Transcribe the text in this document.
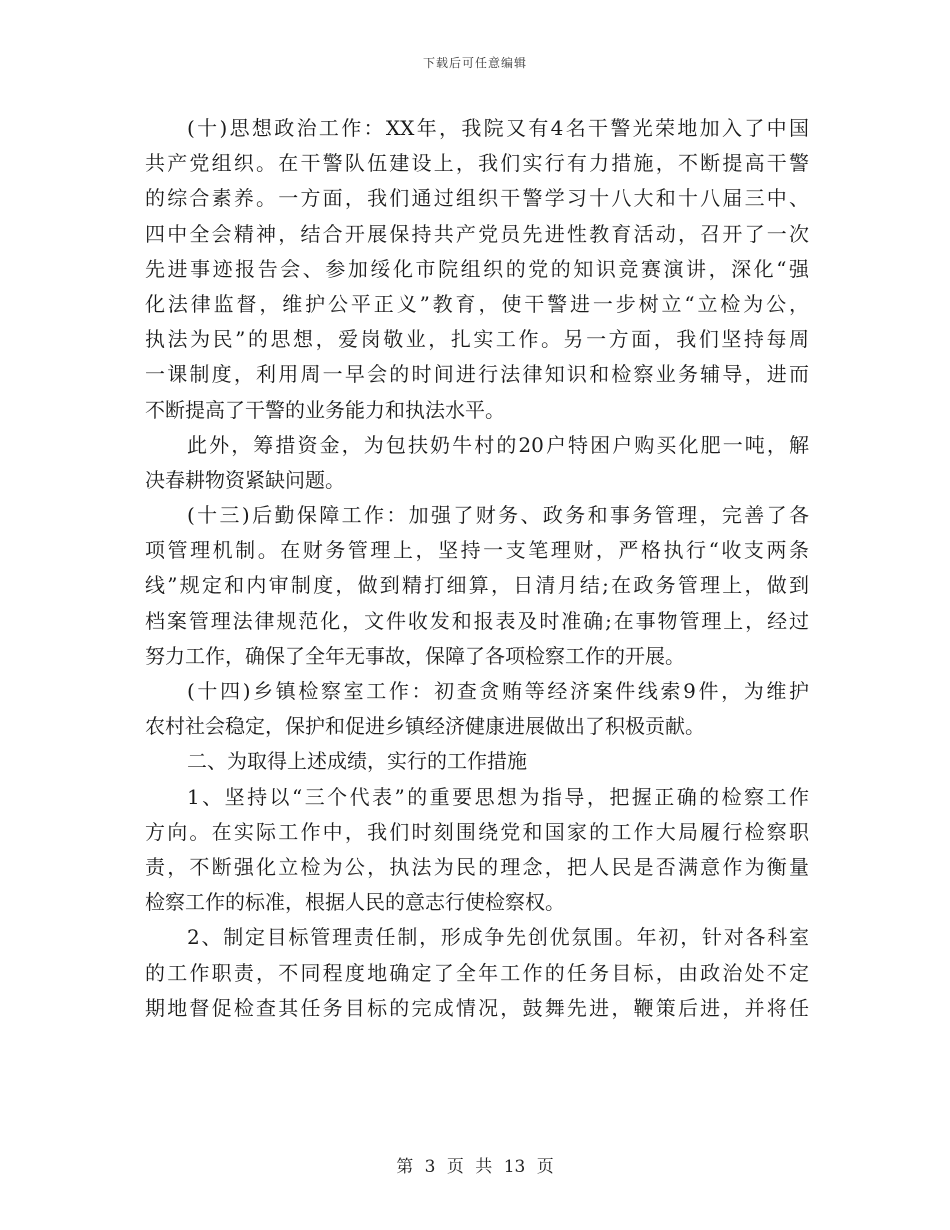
下载后可任意编辑
(十)思想政治工作：XX年，我院又有4名干警光荣地加入了中国
共产党组织。在干警队伍建设上，我们实行有力措施，不断提高干警
的综合素养。一方面，我们通过组织干警学习十八大和十八届三中、
四中全会精神，结合开展保持共产党员先进性教育活动，召开了一次
先进事迹报告会、参加绥化市院组织的党的知识竞赛演讲，深化“强
化法律监督，维护公平正义”教育，使干警进一步树立“立检为公，
执法为民”的思想，爱岗敬业，扎实工作。另一方面，我们坚持每周
一课制度，利用周一早会的时间进行法律知识和检察业务辅导，进而
不断提高了干警的业务能力和执法水平。
此外，筹措资金，为包扶奶牛村的20户特困户购买化肥一吨，解
决春耕物资紧缺问题。
(十三)后勤保障工作：加强了财务、政务和事务管理，完善了各
项管理机制。在财务管理上，坚持一支笔理财，严格执行“收支两条
线”规定和内审制度，做到精打细算，日清月结;在政务管理上，做到
档案管理法律规范化，文件收发和报表及时准确;在事物管理上，经过
努力工作，确保了全年无事故，保障了各项检察工作的开展。
(十四)乡镇检察室工作：初查贪贿等经济案件线索9件，为维护
农村社会稳定，保护和促进乡镇经济健康进展做出了积极贡献。
二、为取得上述成绩，实行的工作措施
1、坚持以“三个代表”的重要思想为指导，把握正确的检察工作
方向。在实际工作中，我们时刻围绕党和国家的工作大局履行检察职
责，不断强化立检为公，执法为民的理念，把人民是否满意作为衡量
检察工作的标准，根据人民的意志行使检察权。
2、制定目标管理责任制，形成争先创优氛围。年初，针对各科室
的工作职责，不同程度地确定了全年工作的任务目标，由政治处不定
期地督促检查其任务目标的完成情况，鼓舞先进，鞭策后进，并将任
第 3 页 共 13 页
